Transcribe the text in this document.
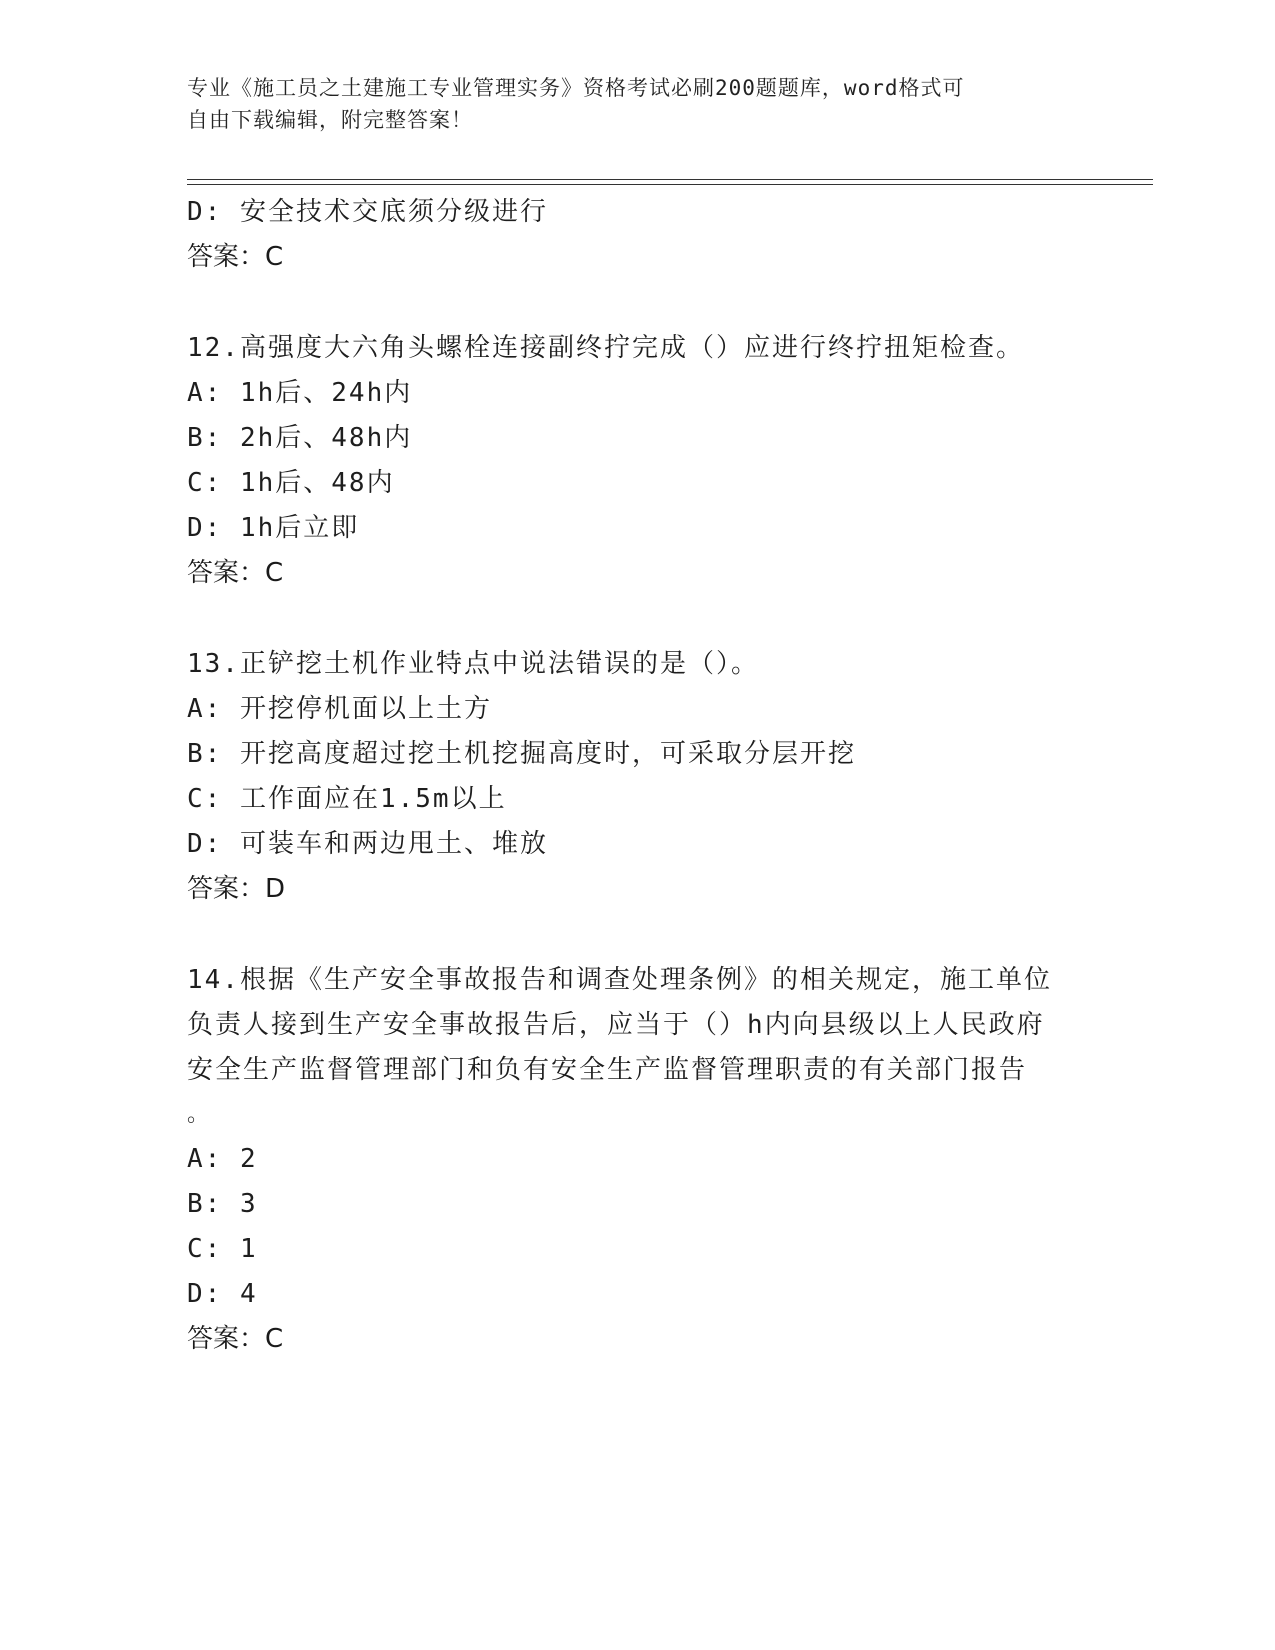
专业《施工员之土建施工专业管理实务》资格考试必刷200题题库，word格式可
自由下载编辑，附完整答案！
D: 安全技术交底须分级进行
答案：C
12.高强度大六角头螺栓连接副终拧完成（）应进行终拧扭矩检查。
A: 1h后、24h内
B: 2h后、48h内
C: 1h后、48内
D: 1h后立即
答案：C
13.正铲挖土机作业特点中说法错误的是（）。
A: 开挖停机面以上土方
B: 开挖高度超过挖土机挖掘高度时，可采取分层开挖
C: 工作面应在1.5m以上
D: 可装车和两边甩土、堆放
答案：D
14.根据《生产安全事故报告和调查处理条例》的相关规定，施工单位
负责人接到生产安全事故报告后，应当于（）h内向县级以上人民政府
安全生产监督管理部门和负有安全生产监督管理职责的有关部门报告
。
A: 2
B: 3
C: 1
D: 4
答案：C
